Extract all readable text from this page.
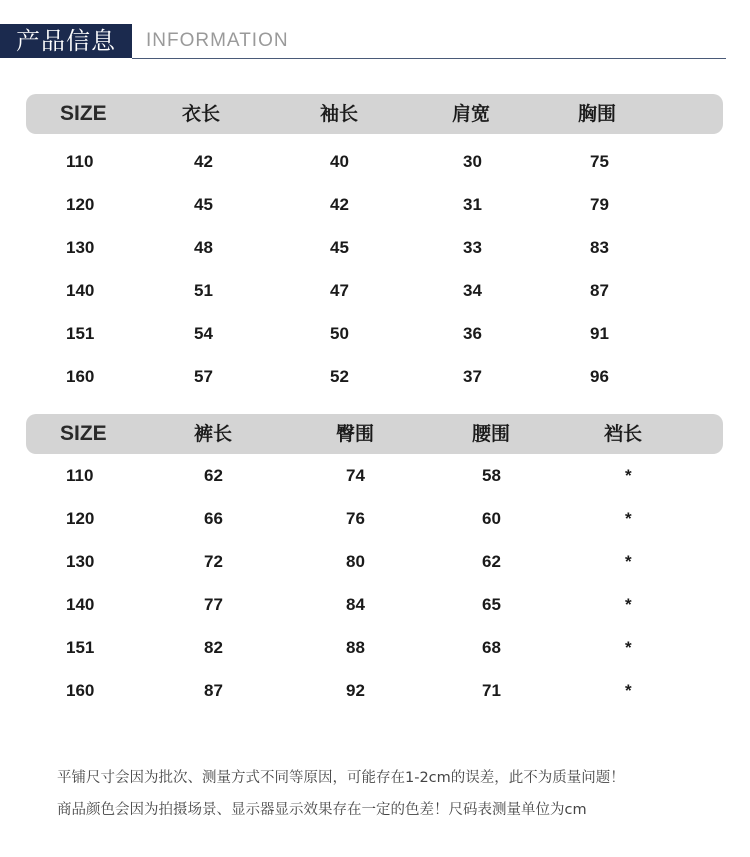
产品信息	INFORMATION
SIZE	衣长	袖长	肩宽	胸围
110	42	40	30	75
120	45	42	31	79
130	48	45	33	83
140	51	47	34	87
151	54	50	36	91
160	57	52	37	96
SIZE	裤长	臀围	腰围	裆长
110	62	74	58	*
120	66	76	60	*
130	72	80	62	*
140	77	84	65	*
151	82	88	68	*
160	87	92	71	*
平铺尺寸会因为批次、测量方式不同等原因，可能存在1-2cm的误差，此不为质量问题！
商品颜色会因为拍摄场景、显示器显示效果存在一定的色差！尺码表测量单位为cm
